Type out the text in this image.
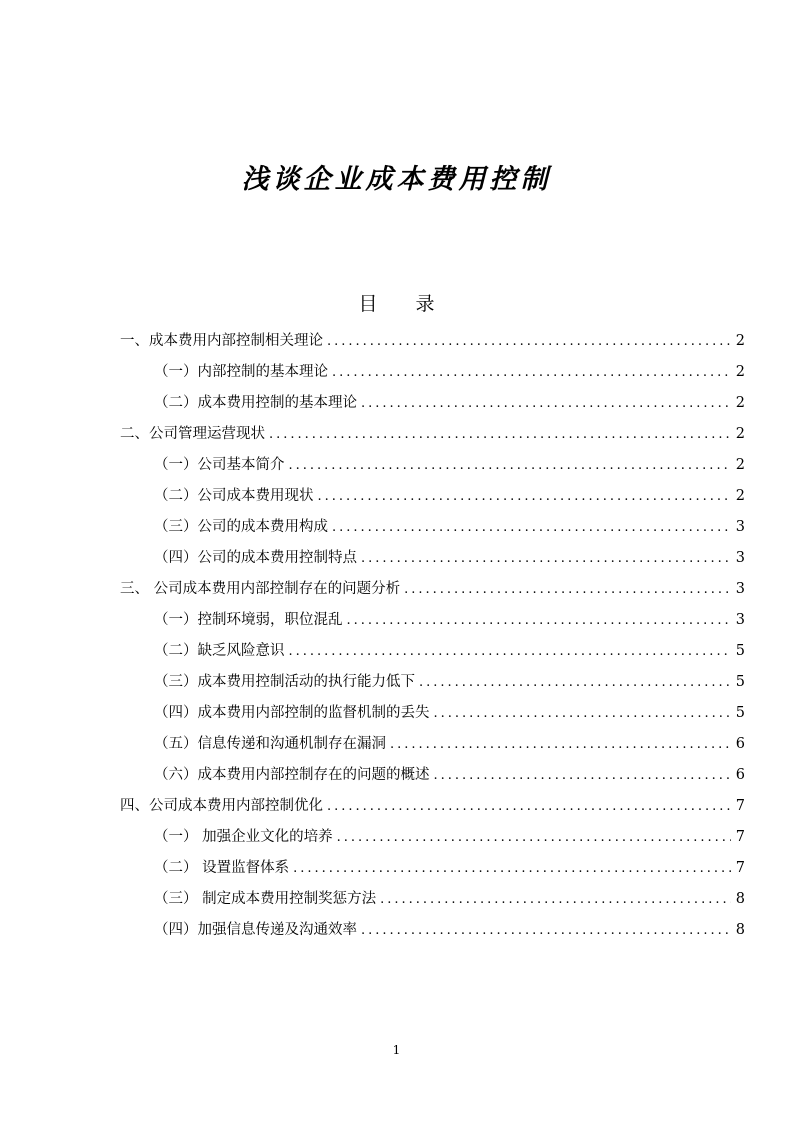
浅谈企业成本费用控制
目 录
一、成本费用内部控制相关理论 .....	2
（一）内部控制的基本理论 .....	2
（二）成本费用控制的基本理论 .....	2
二、公司管理运营现状 .....	2
（一）公司基本简介 .....	2
（二）公司成本费用现状 .....	2
（三）公司的成本费用构成 .....	3
（四）公司的成本费用控制特点 .....	3
三、 公司成本费用内部控制存在的问题分析 .....	3
（一）控制环境弱，职位混乱 .....	3
（二）缺乏风险意识 .....	5
（三）成本费用控制活动的执行能力低下 .....	5
（四）成本费用内部控制的监督机制的丢失 .....	5
（五）信息传递和沟通机制存在漏洞 .....	6
（六）成本费用内部控制存在的问题的概述 .....	6
四、公司成本费用内部控制优化 .....	7
（一） 加强企业文化的培养 .....	7
（二） 设置监督体系 .....	7
（三） 制定成本费用控制奖惩方法 .....	8
（四）加强信息传递及沟通效率 .....	8
1
